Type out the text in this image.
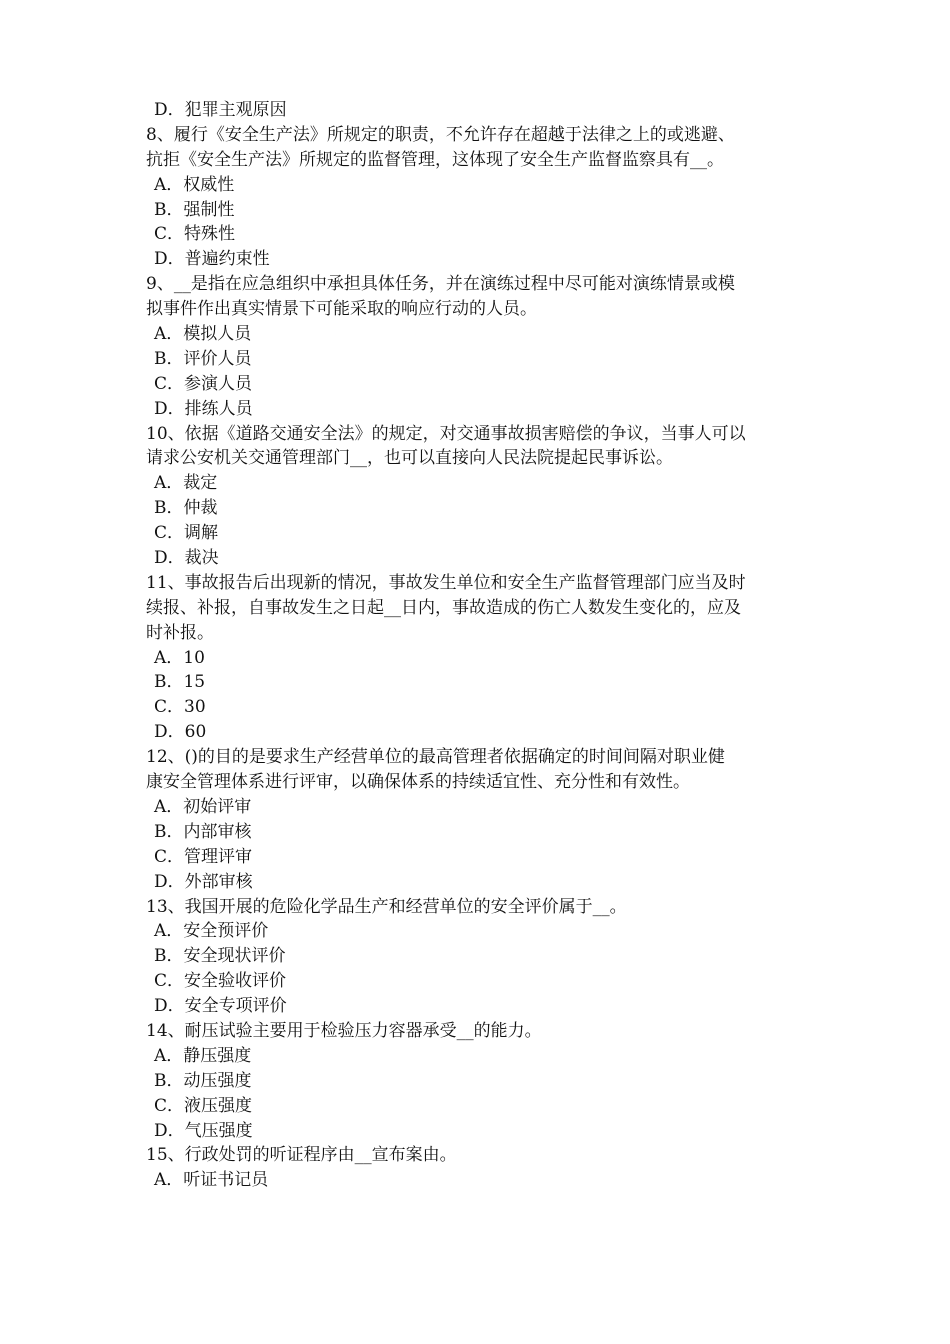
D．犯罪主观原因
8、履行《安全生产法》所规定的职责，不允许存在超越于法律之上的或逃避、
抗拒《安全生产法》所规定的监督管理，这体现了安全生产监督监察具有__。
A．权威性
B．强制性
C．特殊性
D．普遍约束性
9、__是指在应急组织中承担具体任务，并在演练过程中尽可能对演练情景或模
拟事件作出真实情景下可能采取的响应行动的人员。
A．模拟人员
B．评价人员
C．参演人员
D．排练人员
10、依据《道路交通安全法》的规定，对交通事故损害赔偿的争议，当事人可以
请求公安机关交通管理部门__，也可以直接向人民法院提起民事诉讼。
A．裁定
B．仲裁
C．调解
D．裁决
11、事故报告后出现新的情况，事故发生单位和安全生产监督管理部门应当及时
续报、补报，自事故发生之日起__日内，事故造成的伤亡人数发生变化的，应及
时补报。
A．10
B．15
C．30
D．60
12、()的目的是要求生产经营单位的最高管理者依据确定的时间间隔对职业健
康安全管理体系进行评审，以确保体系的持续适宜性、充分性和有效性。
A．初始评审
B．内部审核
C．管理评审
D．外部审核
13、我国开展的危险化学品生产和经营单位的安全评价属于__。
A．安全预评价
B．安全现状评价
C．安全验收评价
D．安全专项评价
14、耐压试验主要用于检验压力容器承受__的能力。
A．静压强度
B．动压强度
C．液压强度
D．气压强度
15、行政处罚的听证程序由__宣布案由。
A．听证书记员
